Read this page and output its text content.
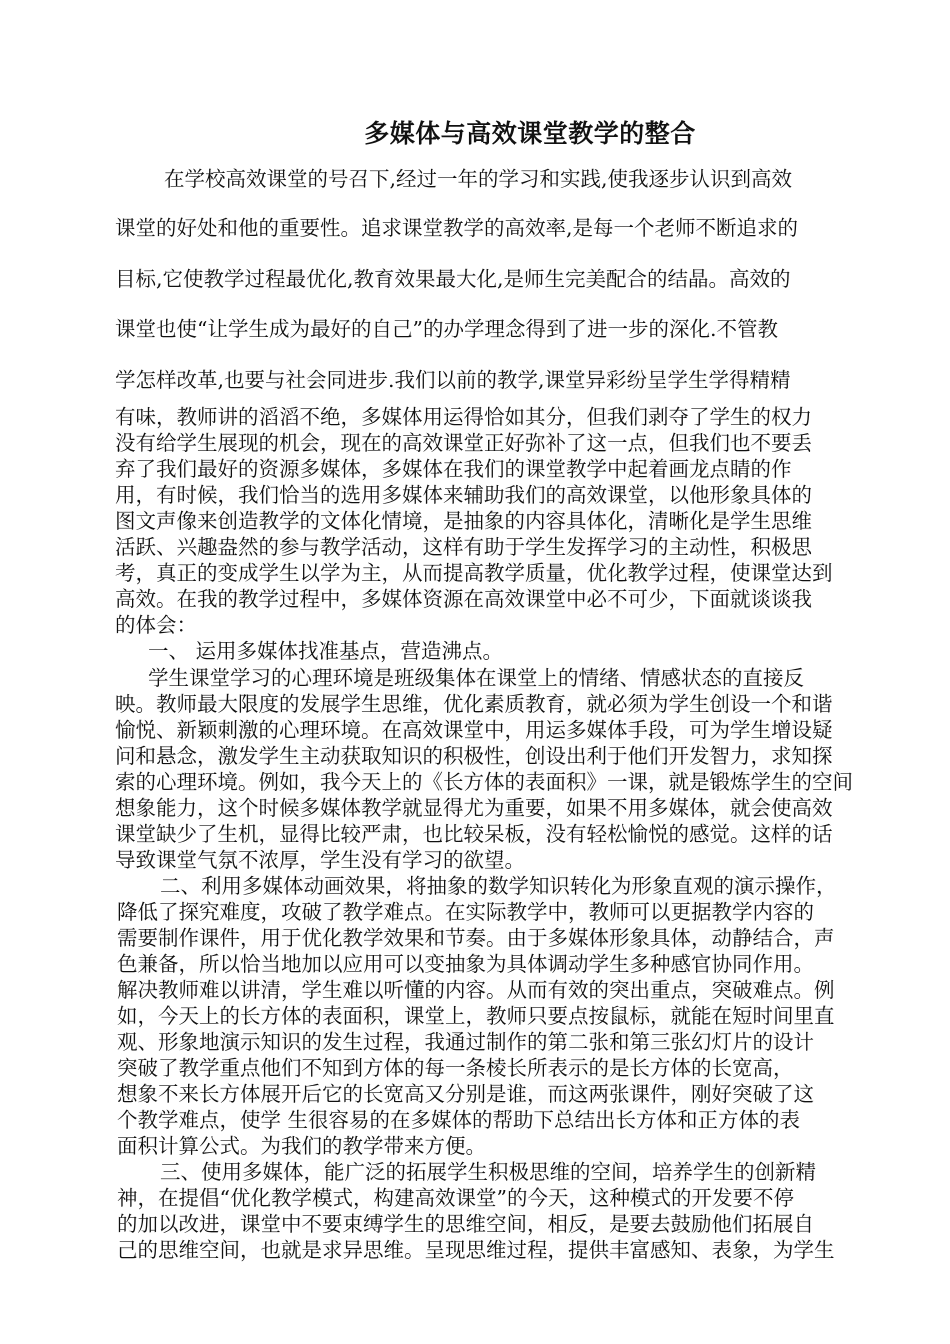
多媒体与高效课堂教学的整合
在学校高效课堂的号召下,经过一年的学习和实践,使我逐步认识到高效
课堂的好处和他的重要性。追求课堂教学的高效率,是每一个老师不断追求的
目标,它使教学过程最优化,教育效果最大化,是师生完美配合的结晶。高效的
课堂也使“让学生成为最好的自己”的办学理念得到了进一步的深化.不管教
学怎样改革,也要与社会同进步.我们以前的教学,课堂异彩纷呈学生学得精精
有味，教师讲的滔滔不绝，多媒体用运得恰如其分，但我们剥夺了学生的权力
没有给学生展现的机会，现在的高效课堂正好弥补了这一点，但我们也不要丢
弃了我们最好的资源多媒体，多媒体在我们的课堂教学中起着画龙点睛的作
用，有时候，我们恰当的选用多媒体来辅助我们的高效课堂，以他形象具体的
图文声像来创造教学的文体化情境，是抽象的内容具体化，清晰化是学生思维
活跃、兴趣盎然的参与教学活动，这样有助于学生发挥学习的主动性，积极思
考，真正的变成学生以学为主，从而提高教学质量，优化教学过程，使课堂达到
高效。在我的教学过程中，多媒体资源在高效课堂中必不可少，下面就谈谈我
的体会：
一、 运用多媒体找准基点，营造沸点。
学生课堂学习的心理环境是班级集体在课堂上的情绪、情感状态的直接反
映。教师最大限度的发展学生思维，优化素质教育，就必须为学生创设一个和谐
愉悦、新颖刺激的心理环境。在高效课堂中，用运多媒体手段，可为学生增设疑
问和悬念，激发学生主动获取知识的积极性，创设出利于他们开发智力，求知探
索的心理环境。例如，我今天上的《长方体的表面积》一课，就是锻炼学生的空间
想象能力，这个时候多媒体教学就显得尤为重要，如果不用多媒体，就会使高效
课堂缺少了生机，显得比较严肃，也比较呆板，没有轻松愉悦的感觉。这样的话
导致课堂气氛不浓厚，学生没有学习的欲望。
二、利用多媒体动画效果，将抽象的数学知识转化为形象直观的演示操作，
降低了探究难度，攻破了教学难点。在实际教学中，教师可以更据教学内容的
需要制作课件，用于优化教学效果和节奏。由于多媒体形象具体，动静结合，声
色兼备，所以恰当地加以应用可以变抽象为具体调动学生多种感官协同作用。
解决教师难以讲清，学生难以听懂的内容。从而有效的突出重点，突破难点。例
如，今天上的长方体的表面积，课堂上，教师只要点按鼠标，就能在短时间里直
观、形象地演示知识的发生过程，我通过制作的第二张和第三张幻灯片的设计
突破了教学重点他们不知到方体的每一条棱长所表示的是长方体的长宽高，
想象不来长方体展开后它的长宽高又分别是谁，而这两张课件，刚好突破了这
个教学难点，使学 生很容易的在多媒体的帮助下总结出长方体和正方体的表
面积计算公式。为我们的教学带来方便。
三、使用多媒体，能广泛的拓展学生积极思维的空间，培养学生的创新精
神，在提倡“优化教学模式，构建高效课堂”的今天，这种模式的开发要不停
的加以改进，课堂中不要束缚学生的思维空间，相反，是要去鼓励他们拓展自
己的思维空间，也就是求异思维。呈现思维过程，提供丰富感知、表象，为学生
